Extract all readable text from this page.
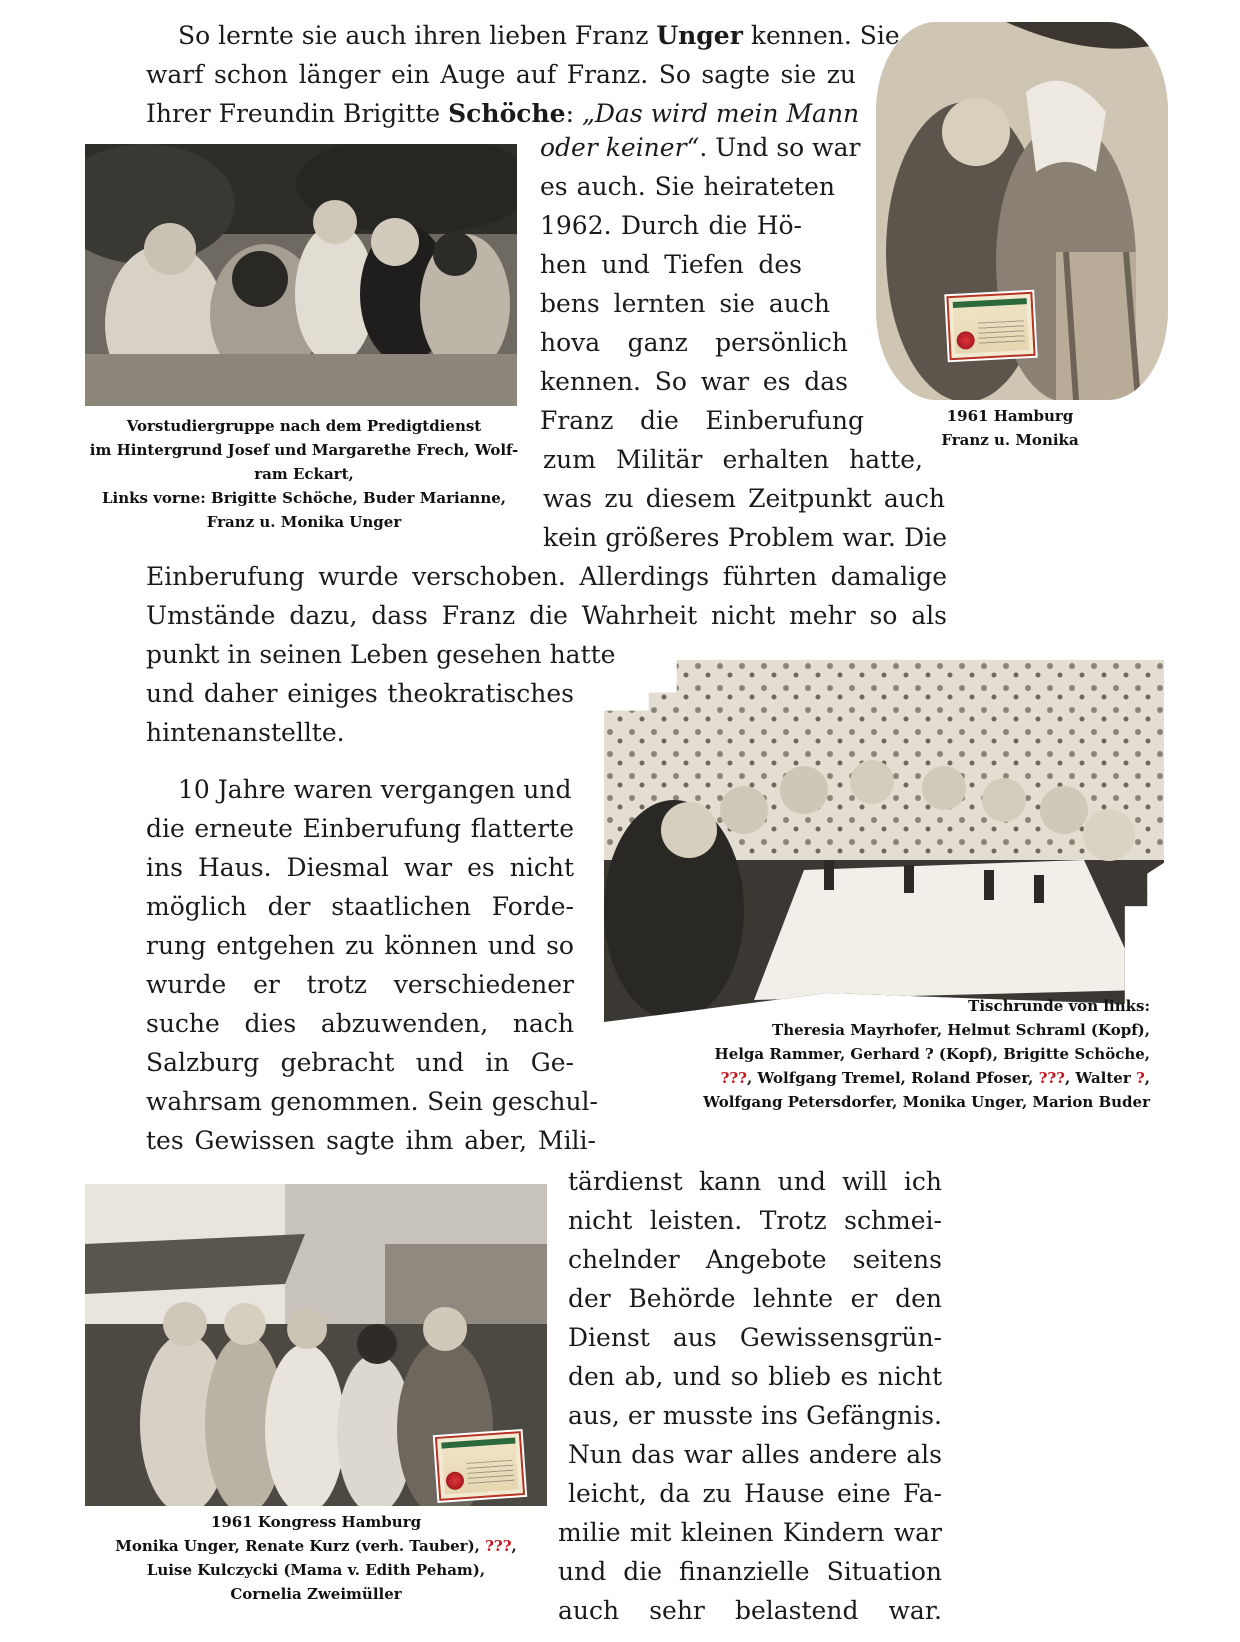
So lernte sie auch ihren lieben Franz Unger kennen. Sie
warf schon länger ein Auge auf Franz. So sagte sie zu
Ihrer Freundin Brigitte Schöche: „Das wird mein Mann
oder keiner“. Und so war
es auch. Sie heirateten
1962. Durch die Hö-
hen und Tiefen des
bens lernten sie auch
hova ganz persönlich
kennen. So war es das
Franz die Einberufung
zum Militär erhalten hatte,
was zu diesem Zeitpunkt auch
kein größeres Problem war. Die
Einberufung wurde verschoben. Allerdings führten damalige
Umstände dazu, dass Franz die Wahrheit nicht mehr so als
punkt in seinen Leben gesehen hatte
und daher einiges theokratisches
hintenanstellte.
10 Jahre waren vergangen und
die erneute Einberufung flatterte
ins Haus. Diesmal war es nicht
möglich der staatlichen Forde-
rung entgehen zu können und so
wurde er trotz verschiedener
suche dies abzuwenden, nach
Salzburg gebracht und in Ge-
wahrsam genommen. Sein geschul-
tes Gewissen sagte ihm aber, Mili-
tärdienst kann und will ich
nicht leisten. Trotz schmei-
chelnder Angebote seitens
der Behörde lehnte er den
Dienst aus Gewissensgrün-
den ab, und so blieb es nicht
aus, er musste ins Gefängnis.
Nun das war alles andere als
leicht, da zu Hause eine Fa-
milie mit kleinen Kindern war
und die finanzielle Situation
auch sehr belastend war.
Vorstudiergruppe nach dem Predigtdienst
im Hintergrund Josef und Margarethe Frech, Wolf-
ram Eckart,
Links vorne: Brigitte Schöche, Buder Marianne,
Franz u. Monika Unger
1961 Hamburg
Franz u. Monika
Tischrunde von links:
Theresia Mayrhofer, Helmut Schraml (Kopf),
Helga Rammer, Gerhard ? (Kopf), Brigitte Schöche,
???, Wolfgang Tremel, Roland Pfoser, ???, Walter ?,
Wolfgang Petersdorfer, Monika Unger, Marion Buder
1961 Kongress Hamburg
Monika Unger, Renate Kurz (verh. Tauber), ???,
Luise Kulczycki (Mama v. Edith Peham),
Cornelia Zweimüller
